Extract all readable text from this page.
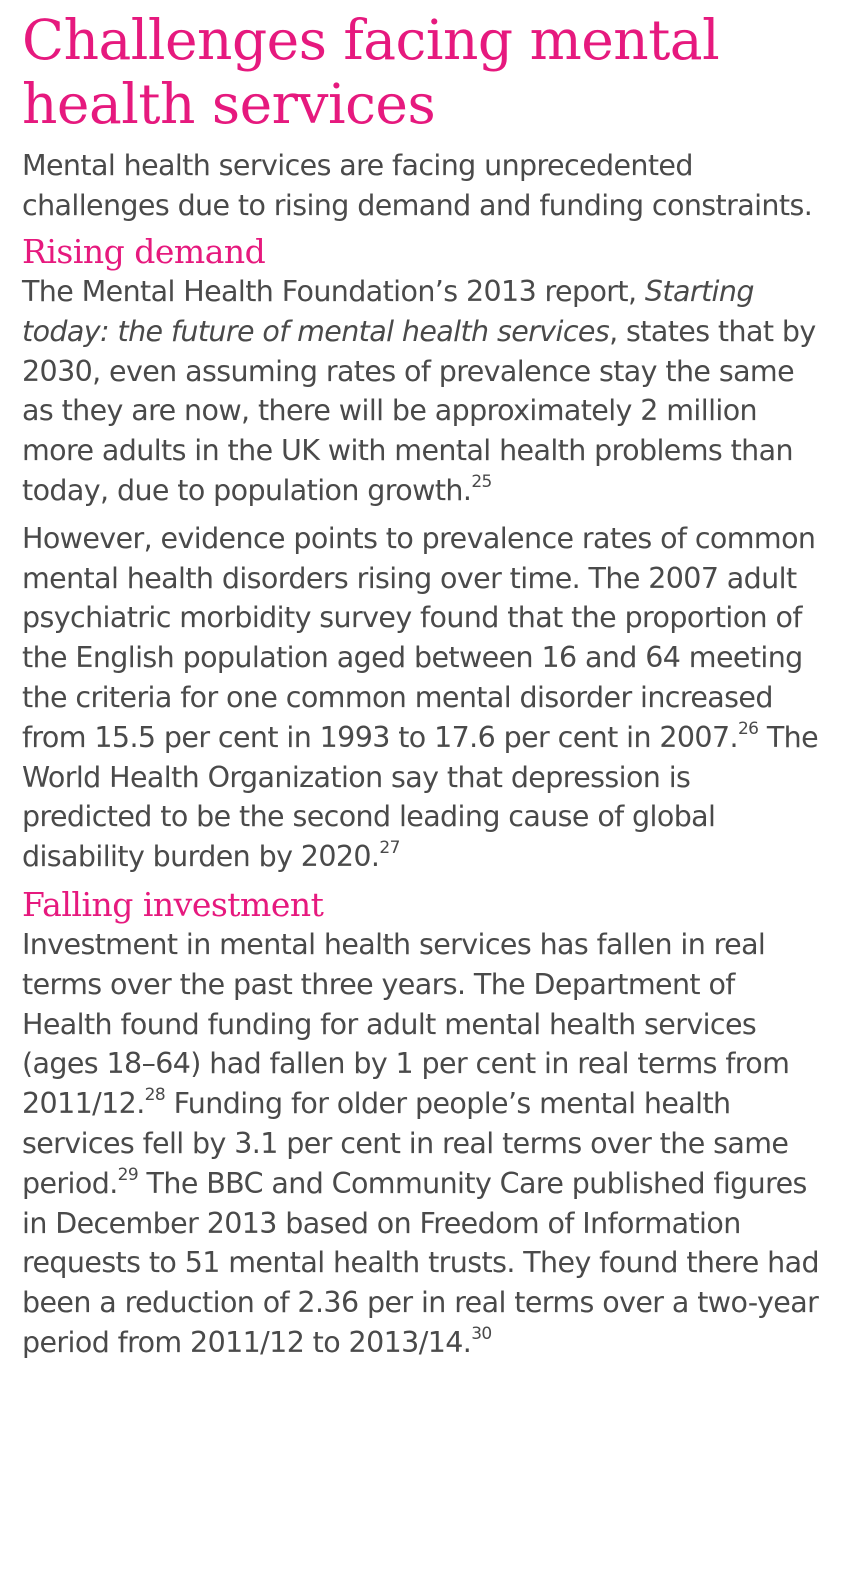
Challenges facing mental health services

Mental health services are facing unprecedented challenges due to rising demand and funding constraints.

Rising demand

The Mental Health Foundation’s 2013 report, Starting today: the future of mental health services, states that by 2030, even assuming rates of prevalence stay the same as they are now, there will be approximately 2 million more adults in the UK with mental health problems than today, due to population growth.$^{25}$

However, evidence points to prevalence rates of common mental health disorders rising over time. The 2007 adult psychiatric morbidity survey found that the proportion of the English population aged between 16 and 64 meeting the criteria for one common mental disorder increased from 15.5 per cent in 1993 to 17.6 per cent in 2007.26 The World Health Organization say that depression is predicted to be the second leading cause of global disability burden by 2020.27

Falling investment

Investment in mental health services has fallen in real terms over the past three years. The Department of Health found funding for adult mental health services (ages 18–64) had fallen by 1 per cent in real terms from 2011/12.28 Funding for older people’s mental health services fell by 3.1 per cent in real terms over the same period.$^{29}$ The BBC and Community Care published figures in December 2013 based on Freedom of Information requests to 51 mental health trusts. They found there had been a reduction of 2.36 per in real terms over a two-year period from 2011/12 to 2013/14.30
